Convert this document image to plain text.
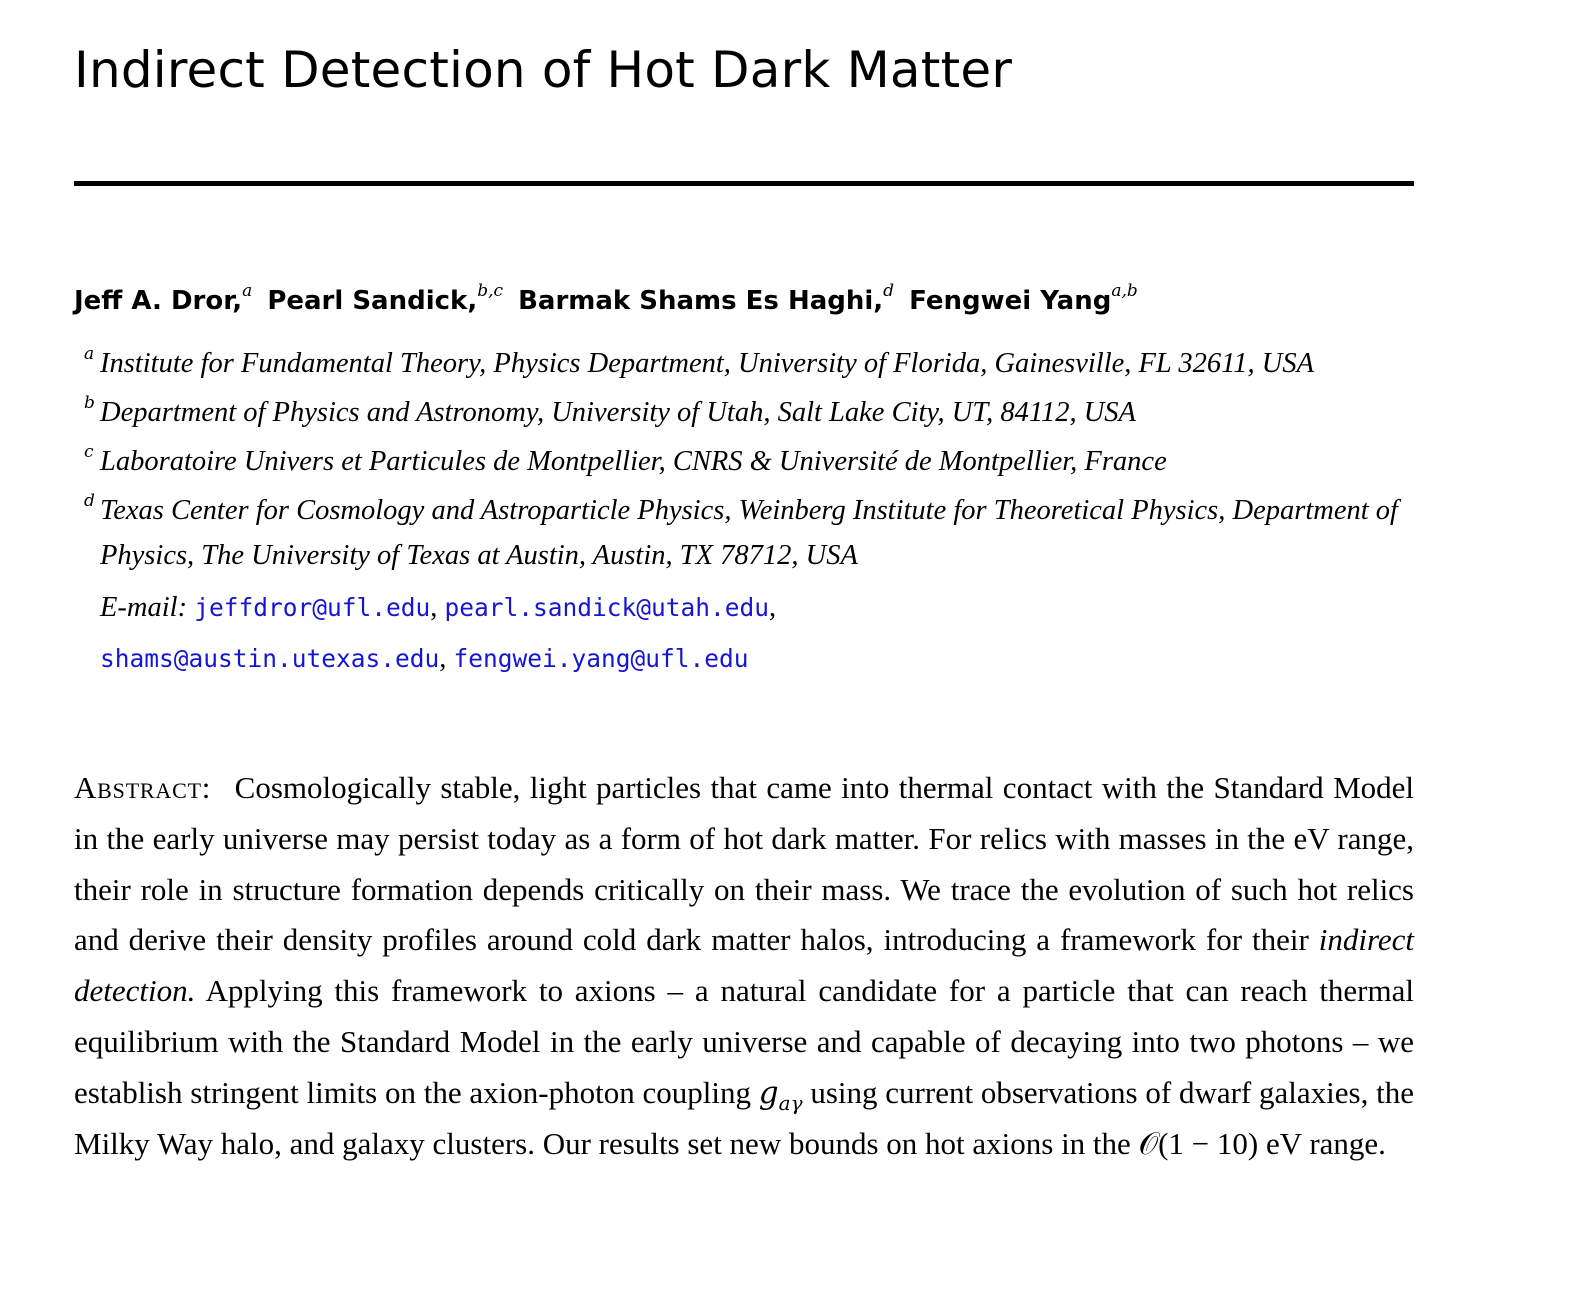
Indirect Detection of Hot Dark Matter
Jeff A. Dror,$^a$ Pearl Sandick,$^{b,c}$ Barmak Shams Es Haghi,$^d$ Fengwei Yang$^{a,b}$
$^a$ Institute for Fundamental Theory, Physics Department, University of Florida, Gainesville, FL 32611, USA
$^b$ Department of Physics and Astronomy, University of Utah, Salt Lake City, UT, 84112, USA
$^c$ Laboratoire Univers et Particules de Montpellier, CNRS & Université de Montpellier, France
$^d$ Texas Center for Cosmology and Astroparticle Physics, Weinberg Institute for Theoretical Physics, Department of Physics, The University of Texas at Austin, Austin, TX 78712, USA
E-mail: jeffdror@ufl.edu, pearl.sandick@utah.edu,
shams@austin.utexas.edu, fengwei.yang@ufl.edu

Abstract: Cosmologically stable, light particles that came into thermal contact with the Standard Model in the early universe may persist today as a form of hot dark matter. For relics with masses in the eV range, their role in structure formation depends critically on their mass. We trace the evolution of such hot relics and derive their density profiles around cold dark matter halos, introducing a framework for their indirect detection. Applying this framework to axions – a natural candidate for a particle that can reach thermal equilibrium with the Standard Model in the early universe and capable of decaying into two photons – we establish stringent limits on the axion-photon coupling $g_{a\gamma}$ using current observations of dwarf galaxies, the Milky Way halo, and galaxy clusters. Our results set new bounds on hot axions in the 𝒪(1 − 10) eV range.
